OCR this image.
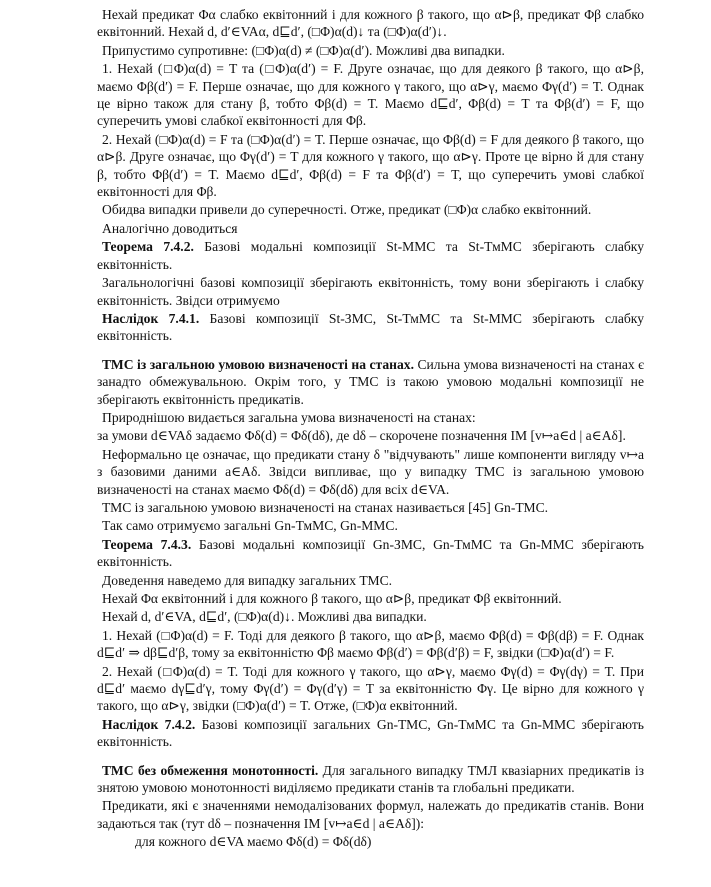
Нехай предикат Φα слабко еквітонний і для кожного β такого, що α⊳β, предикат Φβ слабко еквітонний. Нехай d, d′∈VAα, d⊑d′, (□Φ)α(d)↓ та (□Φ)α(d′)↓.

Припустимо супротивне: (□Φ)α(d) ≠ (□Φ)α(d′). Можливі два випадки.

1. Нехай (□Φ)α(d) = T та (□Φ)α(d′) = F. Друге означає, що для деякого β такого, що α⊳β, маємо Φβ(d′) = F. Перше означає, що для кожного γ такого, що α⊳γ, маємо Φγ(d′) = T. Однак це вірно також для стану β, тобто Φβ(d) = T. Маємо d⊑d′, Φβ(d) = T та Φβ(d′) = F, що суперечить умові слабкої еквітонності для Φβ.

2. Нехай (□Φ)α(d) = F та (□Φ)α(d′) = T. Перше означає, що Φβ(d) = F для деякого β такого, що α⊳β. Друге означає, що Φγ(d′) = T для кожного γ такого, що α⊳γ. Проте це вірно й для стану β, тобто Φβ(d′) = T. Маємо d⊑d′, Φβ(d) = F та Φβ(d′) = T, що суперечить умові слабкої еквітонності для Φβ.

Обидва випадки привели до суперечності. Отже, предикат (□Φ)α слабко еквітонний.

Аналогічно доводиться

Теорема 7.4.2. Базові модальні композиції St-ММС та St-ТмМС зберігають слабку еквітонність.

Загальнологічні базові композиції зберігають еквітонність, тому вони зберігають і слабку еквітонність. Звідси отримуємо

Наслідок 7.4.1. Базові композиції St-ЗМС, St-ТмМС та St-ММС зберігають слабку еквітонність.

ТМС із загальною умовою визначеності на станах. Сильна умова визначеності на станах є занадто обмежувальною. Окрім того, у ТМС із такою умовою модальні композиції не зберігають еквітонність предикатів.

Природнішою видається загальна умова визначеності на станах:

за умови d∈VAδ задаємо Φδ(d) = Φδ(dδ), де dδ – скорочене позначення ІМ [v↦a∈d | a∈Aδ].

Неформально це означає, що предикати стану δ "відчувають" лише компоненти вигляду v↦a з базовими даними a∈Aδ. Звідси випливає, що у випадку ТМС із загальною умовою визначеності на станах маємо Φδ(d) = Φδ(dδ) для всіх d∈VA.

ТМС із загальною умовою визначеності на станах називається [45] Gn-ТМС.

Так само отримуємо загальні Gn-ТмМС, Gn-ММС.

Теорема 7.4.3. Базові модальні композиції Gn-ЗМС, Gn-ТмМС та Gn-ММС зберігають еквітонність.

Доведення наведемо для випадку загальних ТМС.

Нехай Φα еквітонний і для кожного β такого, що α⊳β, предикат Φβ еквітонний.

Нехай d, d′∈VA, d⊑d′, (□Φ)α(d)↓. Можливі два випадки.

1. Нехай (□Φ)α(d) = F. Тоді для деякого β такого, що α⊳β, маємо Φβ(d) = Φβ(dβ) = F. Однак d⊑d′ ⇒ dβ⊑d′β, тому за еквітонністю Φβ маємо Φβ(d′) = Φβ(d′β) = F, звідки (□Φ)α(d′) = F.

2. Нехай (□Φ)α(d) = T. Тоді для кожного γ такого, що α⊳γ, маємо Φγ(d) = Φγ(dγ) = T. При d⊑d′ маємо dγ⊑d′γ, тому Φγ(d′) = Φγ(d′γ) = T за еквітонністю Φγ. Це вірно для кожного γ такого, що α⊳γ, звідки (□Φ)α(d′) = T. Отже, (□Φ)α еквітонний.

Наслідок 7.4.2. Базові композиції загальних Gn-ТМС, Gn-ТмМС та Gn-ММС зберігають еквітонність.

ТМС без обмеження монотонності. Для загального випадку ТМЛ квазіарних предикатів із знятою умовою монотонності виділяємо предикати станів та глобальні предикати.

Предикати, які є значеннями немодалізованих формул, належать до предикатів станів. Вони задаються так (тут dδ – позначення ІМ [v↦a∈d | a∈Aδ]):

для кожного d∈VA маємо Φδ(d) = Φδ(dδ)
